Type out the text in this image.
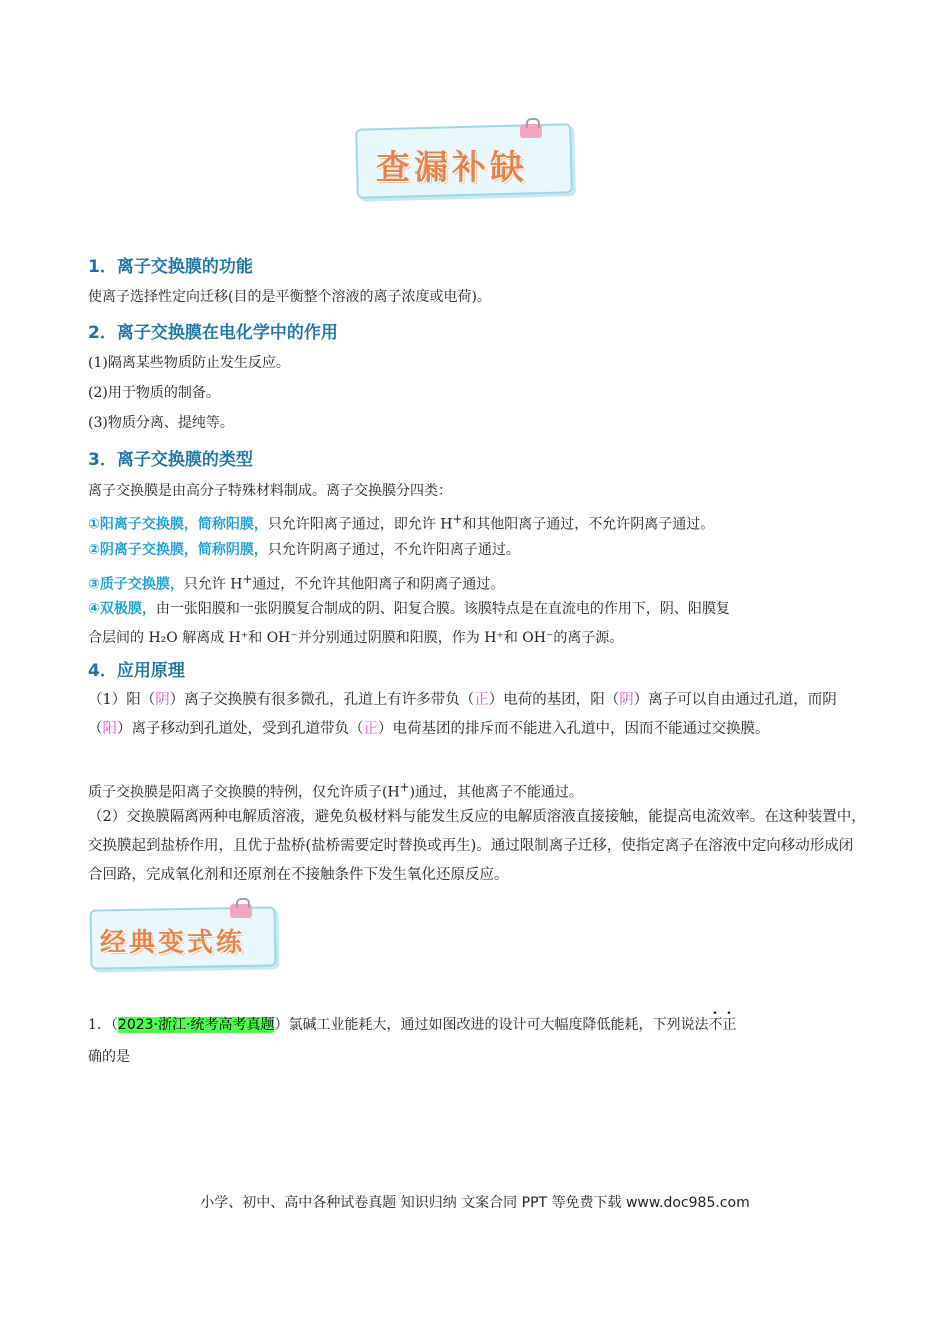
查漏补缺
1．离子交换膜的功能
使离子选择性定向迁移(目的是平衡整个溶液的离子浓度或电荷)。
2．离子交换膜在电化学中的作用
(1)隔离某些物质防止发生反应。
(2)用于物质的制备。
(3)物质分离、提纯等。
3．离子交换膜的类型
离子交换膜是由高分子特殊材料制成。离子交换膜分四类：
①阳离子交换膜，简称阳膜，只允许阳离子通过，即允许 H+和其他阳离子通过，不允许阴离子通过。
②阴离子交换膜，简称阴膜，只允许阴离子通过，不允许阳离子通过。
③质子交换膜，只允许 H+通过，不允许其他阳离子和阴离子通过。
④双极膜，由一张阳膜和一张阴膜复合制成的阴、阳复合膜。该膜特点是在直流电的作用下，阴、阳膜复
合层间的 H₂O 解离成 H⁺和 OH⁻并分别通过阴膜和阳膜，作为 H⁺和 OH⁻的离子源。
4．应用原理
（1）阳（阴）离子交换膜有很多微孔，孔道上有许多带负（正）电荷的基团，阳（阴）离子可以自由通过孔道，而阴（阳）离子移动到孔道处，受到孔道带负（正）电荷基团的排斥而不能进入孔道中，因而不能通过交换膜。
质子交换膜是阳离子交换膜的特例，仅允许质子(H+)通过，其他离子不能通过。
（2）交换膜隔离两种电解质溶液，避免负极材料与能发生反应的电解质溶液直接接触，能提高电流效率。在这种装置中，交换膜起到盐桥作用，且优于盐桥(盐桥需要定时替换或再生)。通过限制离子迁移，使指定离子在溶液中定向移动形成闭合回路，完成氧化剂和还原剂在不接触条件下发生氧化还原反应。
经典变式练
1．（2023·浙江·统考高考真题）氯碱工业能耗大，通过如图改进的设计可大幅度降低能耗，下列说法不正
确的是
小学、初中、高中各种试卷真题 知识归纳 文案合同 PPT 等免费下载 www.doc985.com
